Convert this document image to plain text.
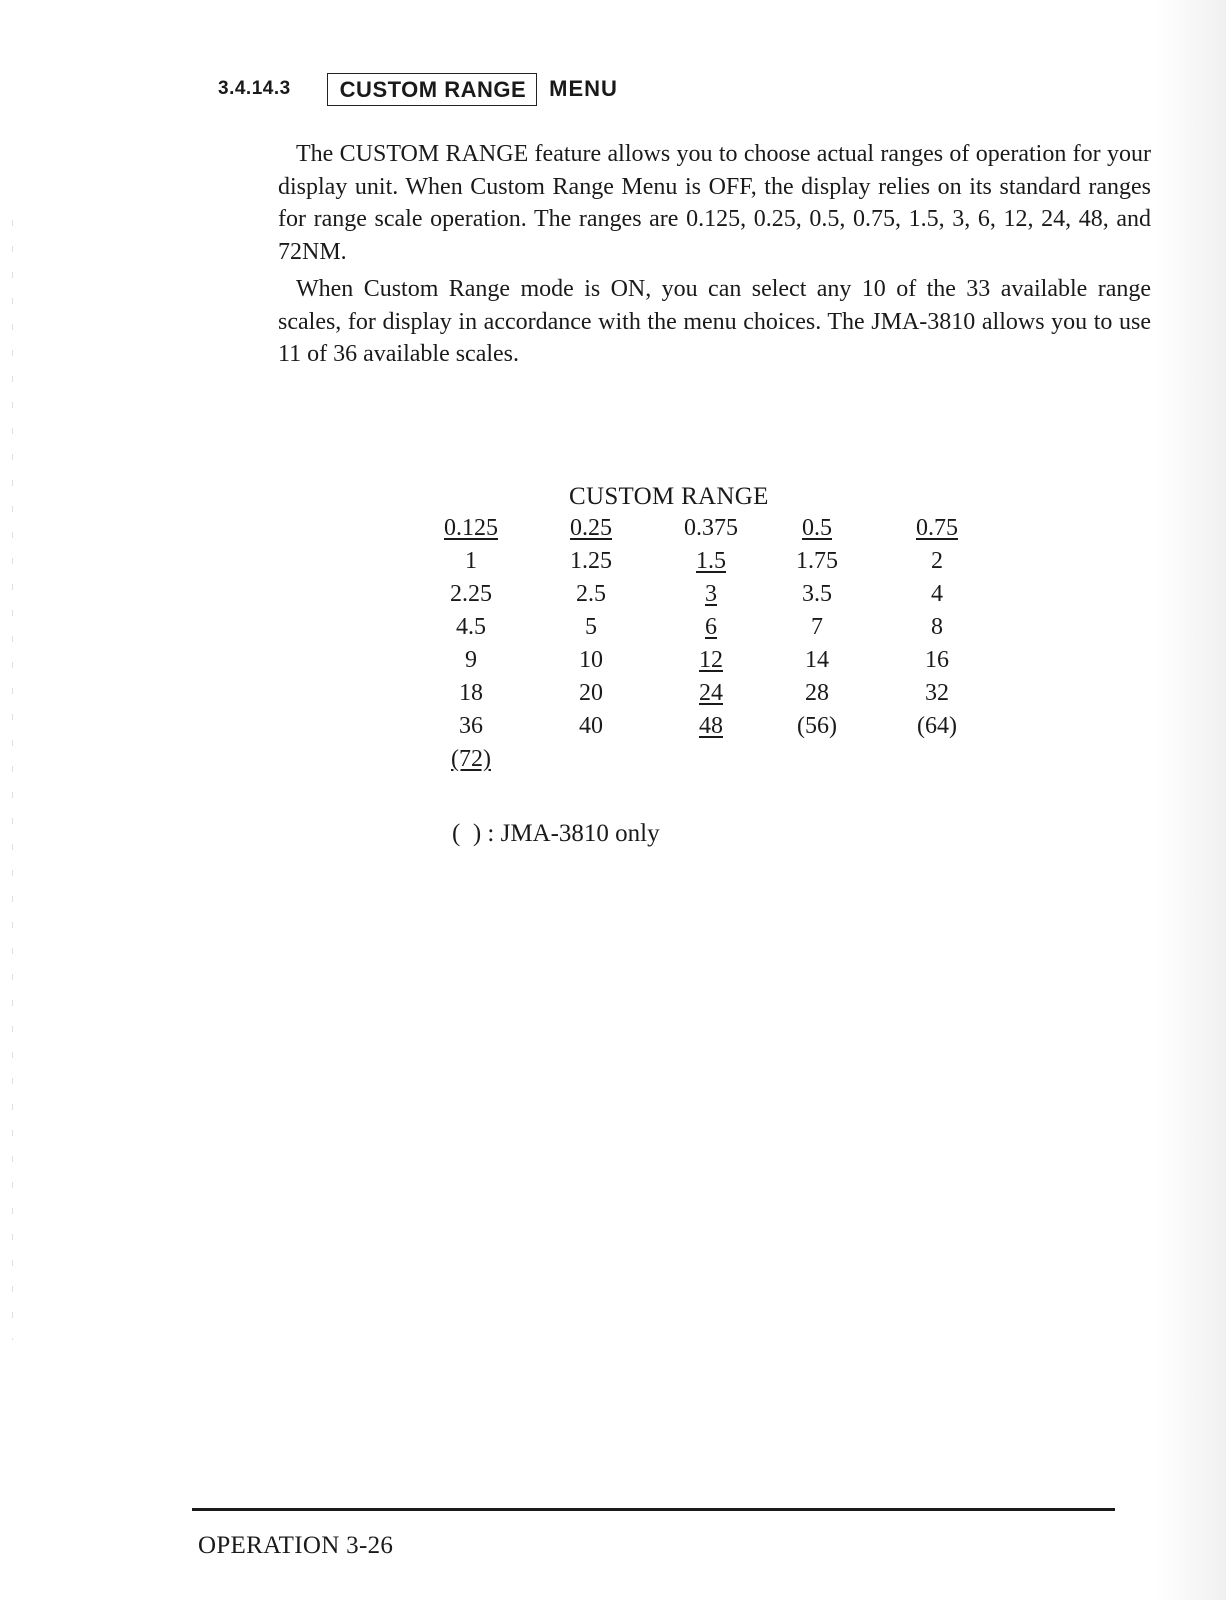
3.4.14.3	CUSTOM RANGE	MENU

The CUSTOM RANGE feature allows you to choose actual ranges of operation for your display unit. When Custom Range Menu is OFF, the display relies on its standard ranges for range scale operation. The ranges are 0.125, 0.25, 0.5, 0.75, 1.5, 3, 6, 12, 24, 48, and 72NM.

When Custom Range mode is ON, you can select any 10 of the 33 available range scales, for display in accordance with the menu choices. The JMA-3810 allows you to use 11 of 36 available scales.

CUSTOM RANGE
0.125
1
2.25
4.5
9
18
36
(72)
0.25
1.25
2.5
5
10
20
40
0.375
1.5
3
6
12
24
48
0.5
1.75
3.5
7
14
28
(56)
0.75
2
4
8
16
32
(64)
(  ) : JMA-3810 only
OPERATION 3-26
